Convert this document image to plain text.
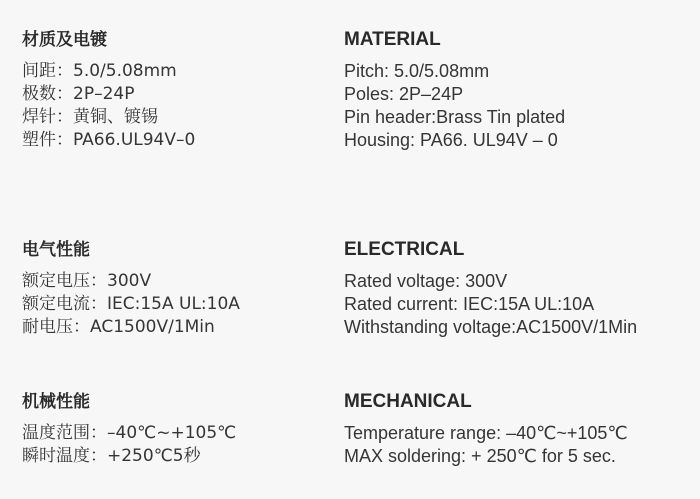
材质及电镀
间距：5.0/5.08mm
极数：2P–24P
焊针：黄铜、镀锡
塑件：PA66.UL94V–0
电气性能
额定电压：300V
额定电流：IEC:15A UL:10A
耐电压：AC1500V/1Min
机械性能
温度范围：–40℃~+105℃
瞬时温度：+250℃5秒
MATERIAL
Pitch: 5.0/5.08mm
Poles: 2P–24P
Pin header:Brass Tin plated
Housing: PA66. UL94V – 0
ELECTRICAL
Rated voltage: 300V
Rated current: IEC:15A UL:10A
Withstanding voltage:AC1500V/1Min
MECHANICAL
Temperature range: –40℃~+105℃
MAX soldering: + 250℃ for 5 sec.
